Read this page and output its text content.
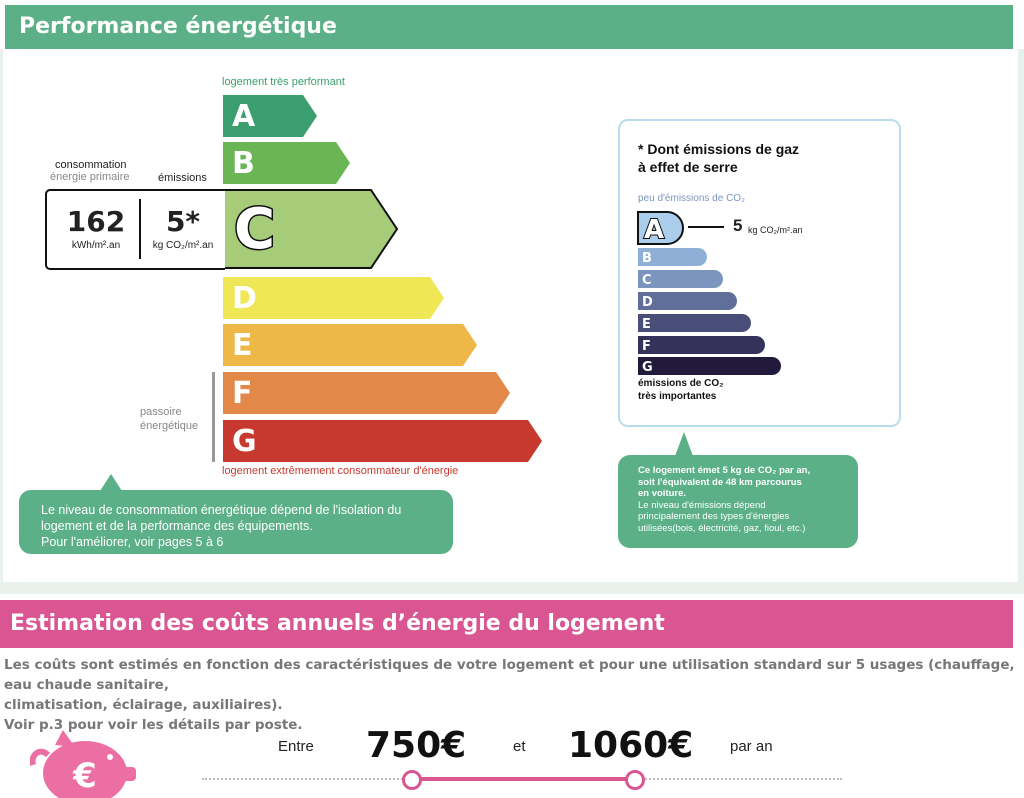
Performance énergétique
logement très performant
logement extrêmement consommateur d'énergie
A
B
C
D
E
F
G
passoire
énergétique
consommation
énergie primaire	émissions
162
kWh/m².an
5*
kg CO₂/m².an
Le niveau de consommation énergétique dépend de l'isolation du
logement et de la performance des équipements.
Pour l'améliorer, voir pages 5 à 6
* Dont émissions de gaz
à effet de serre
peu d'émissions de CO₂
émissions de CO₂
très importantes
A
B
C
D
E
F
G
5 kg CO₂/m².an
Ce logement émet 5 kg de CO₂ par an,
soit l'équivalent de 48 km parcourus
en voiture.
Le niveau d'émissions dépend
principalement des types d'énergies
utilisées(bois, électricité, gaz, fioul, etc.)
Estimation des coûts annuels d’énergie du logement
Les coûts sont estimés en fonction des caractéristiques de votre logement et pour une utilisation standard sur 5 usages (chauffage, eau chaude sanitaire,
climatisation, éclairage, auxiliaires).
Voir p.3 pour voir les détails par poste.
€
Entre 750€	et 1060€ par an
